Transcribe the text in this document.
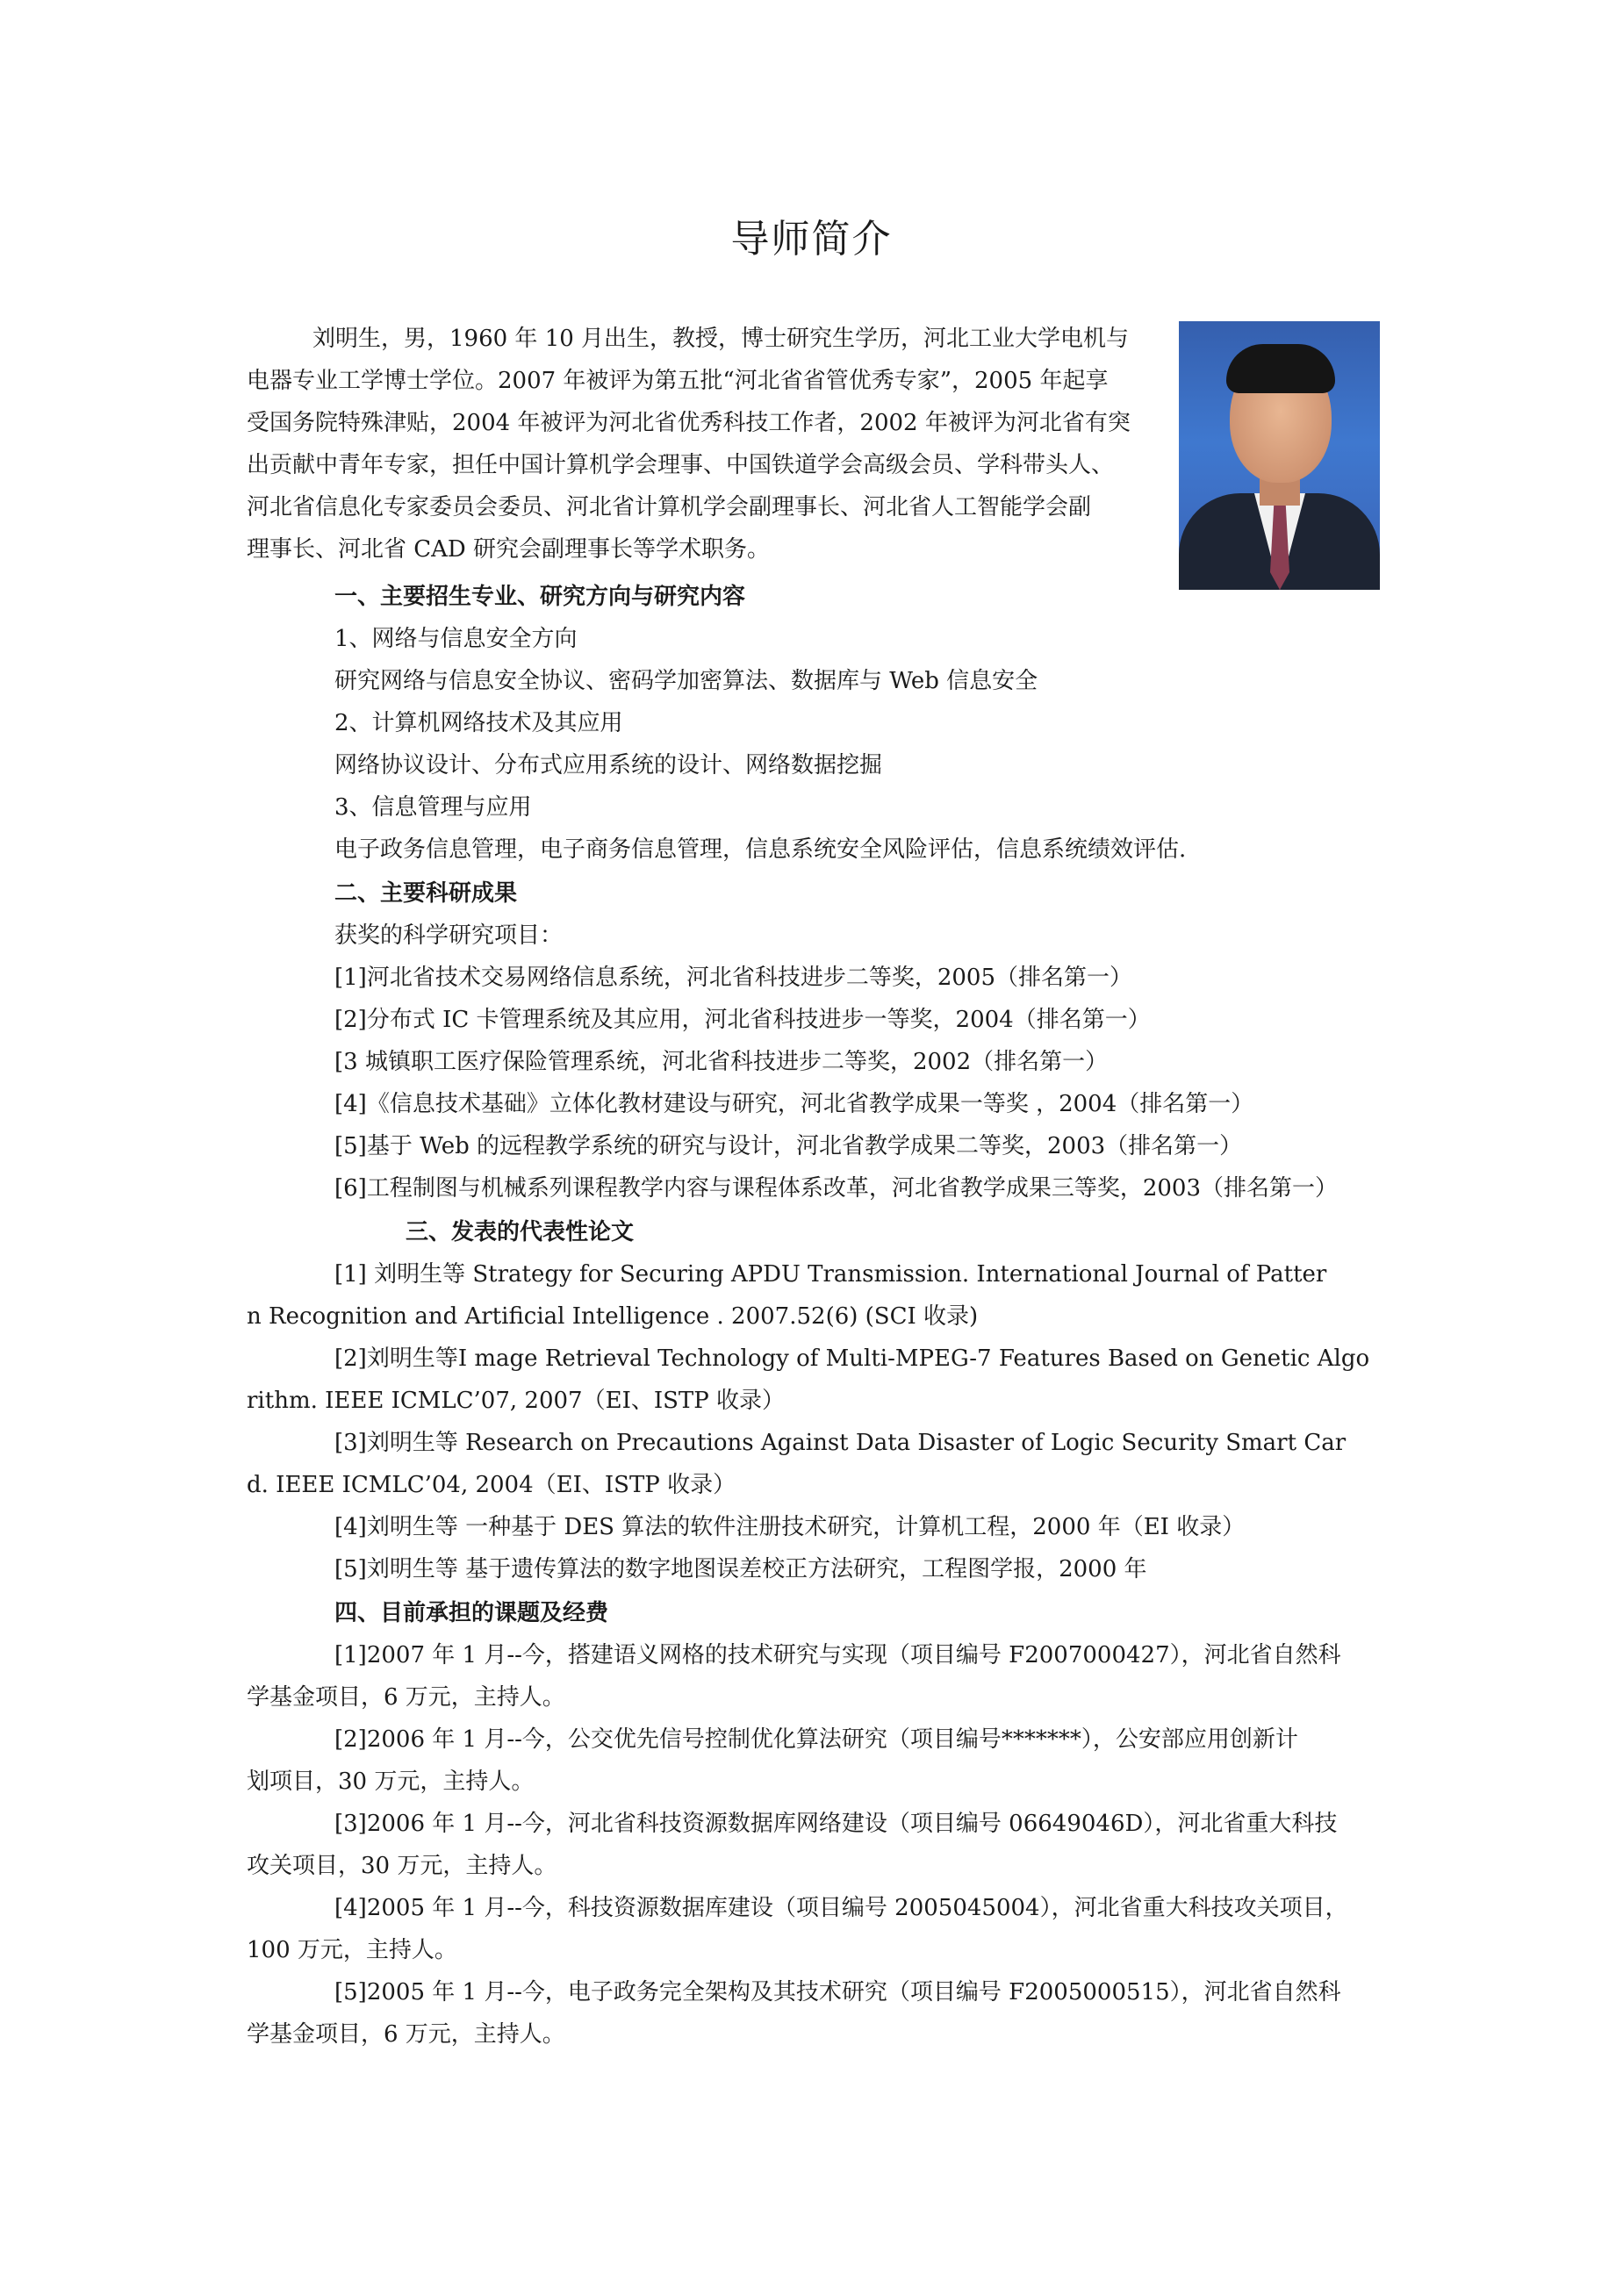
导师简介
刘明生，男，1960 年 10 月出生，教授，博士研究生学历，河北工业大学电机与
电器专业工学博士学位。2007 年被评为第五批“河北省省管优秀专家”，2005 年起享
受国务院特殊津贴，2004 年被评为河北省优秀科技工作者，2002 年被评为河北省有突
出贡献中青年专家，担任中国计算机学会理事、中国铁道学会高级会员、学科带头人、
河北省信息化专家委员会委员、河北省计算机学会副理事长、河北省人工智能学会副
理事长、河北省 CAD 研究会副理事长等学术职务。
一、主要招生专业、研究方向与研究内容
1、网络与信息安全方向
研究网络与信息安全协议、密码学加密算法、数据库与 Web 信息安全
2、计算机网络技术及其应用
网络协议设计、分布式应用系统的设计、网络数据挖掘
3、信息管理与应用
电子政务信息管理，电子商务信息管理，信息系统安全风险评估，信息系统绩效评估.
二、主要科研成果
获奖的科学研究项目：
[1]河北省技术交易网络信息系统，河北省科技进步二等奖，2005（排名第一）
[2]分布式 IC 卡管理系统及其应用，河北省科技进步一等奖，2004（排名第一）
[3 城镇职工医疗保险管理系统，河北省科技进步二等奖，2002（排名第一）
[4]《信息技术基础》立体化教材建设与研究，河北省教学成果一等奖 ，2004（排名第一）
[5]基于 Web 的远程教学系统的研究与设计，河北省教学成果二等奖，2003（排名第一）
[6]工程制图与机械系列课程教学内容与课程体系改革，河北省教学成果三等奖，2003（排名第一）
三、发表的代表性论文
[1] 刘明生等 Strategy for Securing APDU Transmission. International Journal of Patter
n Recognition and Artificial Intelligence . 2007.52(6) (SCI 收录)
[2]刘明生等I mage Retrieval Technology of Multi-MPEG-7 Features Based on Genetic Algo
rithm. IEEE ICMLC’07, 2007（EI、ISTP 收录）
[3]刘明生等 Research on Precautions Against Data Disaster of Logic Security Smart Car
d. IEEE ICMLC’04, 2004（EI、ISTP 收录）
[4]刘明生等 一种基于 DES 算法的软件注册技术研究，计算机工程，2000 年（EI 收录）
[5]刘明生等 基于遗传算法的数字地图误差校正方法研究，工程图学报，2000 年
四、目前承担的课题及经费
[1]2007 年 1 月--今，搭建语义网格的技术研究与实现（项目编号 F2007000427），河北省自然科
学基金项目，6 万元，主持人。
[2]2006 年 1 月--今，公交优先信号控制优化算法研究（项目编号*******），公安部应用创新计
划项目，30 万元，主持人。
[3]2006 年 1 月--今，河北省科技资源数据库网络建设（项目编号 06649046D），河北省重大科技
攻关项目，30 万元，主持人。
[4]2005 年 1 月--今，科技资源数据库建设（项目编号 2005045004），河北省重大科技攻关项目，
100 万元，主持人。
[5]2005 年 1 月--今，电子政务完全架构及其技术研究（项目编号 F2005000515），河北省自然科
学基金项目，6 万元，主持人。
